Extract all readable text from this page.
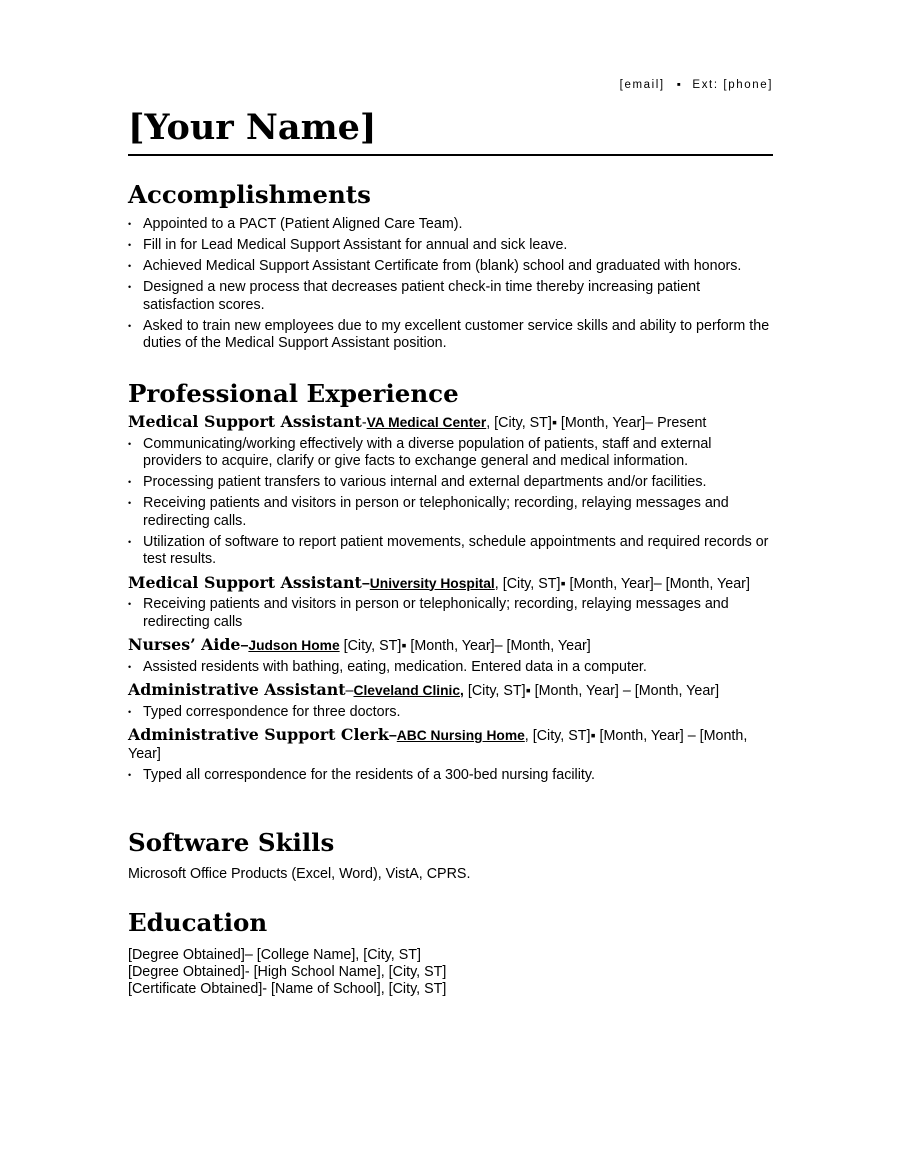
[email] ▪ Ext: [phone]
[Your Name]
Accomplishments
• Appointed to a PACT (Patient Aligned Care Team).
• Fill in for Lead Medical Support Assistant for annual and sick leave.
• Achieved Medical Support Assistant Certificate from (blank) school and graduated with honors.
• Designed a new process that decreases patient check-in time thereby increasing patient satisfaction scores.
• Asked to train new employees due to my excellent customer service skills and ability to perform the duties of the Medical Support Assistant position.
Professional Experience
Medical Support Assistant-VA Medical Center, [City, ST]▪ [Month, Year]– Present
• Communicating/working effectively with a diverse population of patients, staff and external providers to acquire, clarify or give facts to exchange general and medical information.
• Processing patient transfers to various internal and external departments and/or facilities.
• Receiving patients and visitors in person or telephonically; recording, relaying messages and redirecting calls.
• Utilization of software to report patient movements, schedule appointments and required records or test results.
Medical Support Assistant–University Hospital, [City, ST]▪ [Month, Year]– [Month, Year]
• Receiving patients and visitors in person or telephonically; recording, relaying messages and redirecting calls
Nurses’ Aide–Judson Home [City, ST]▪ [Month, Year]– [Month, Year]
• Assisted residents with bathing, eating, medication. Entered data in a computer.
Administrative Assistant–Cleveland Clinic, [City, ST]▪ [Month, Year] – [Month, Year]
• Typed correspondence for three doctors.
Administrative Support Clerk–ABC Nursing Home, [City, ST]▪ [Month, Year] – [Month, Year]
• Typed all correspondence for the residents of a 300-bed nursing facility.
Software Skills

Microsoft Office Products (Excel, Word), VistA, CPRS.

Education

[Degree Obtained]– [College Name], [City, ST]

[Degree Obtained]- [High School Name], [City, ST]

[Certificate Obtained]- [Name of School], [City, ST]
